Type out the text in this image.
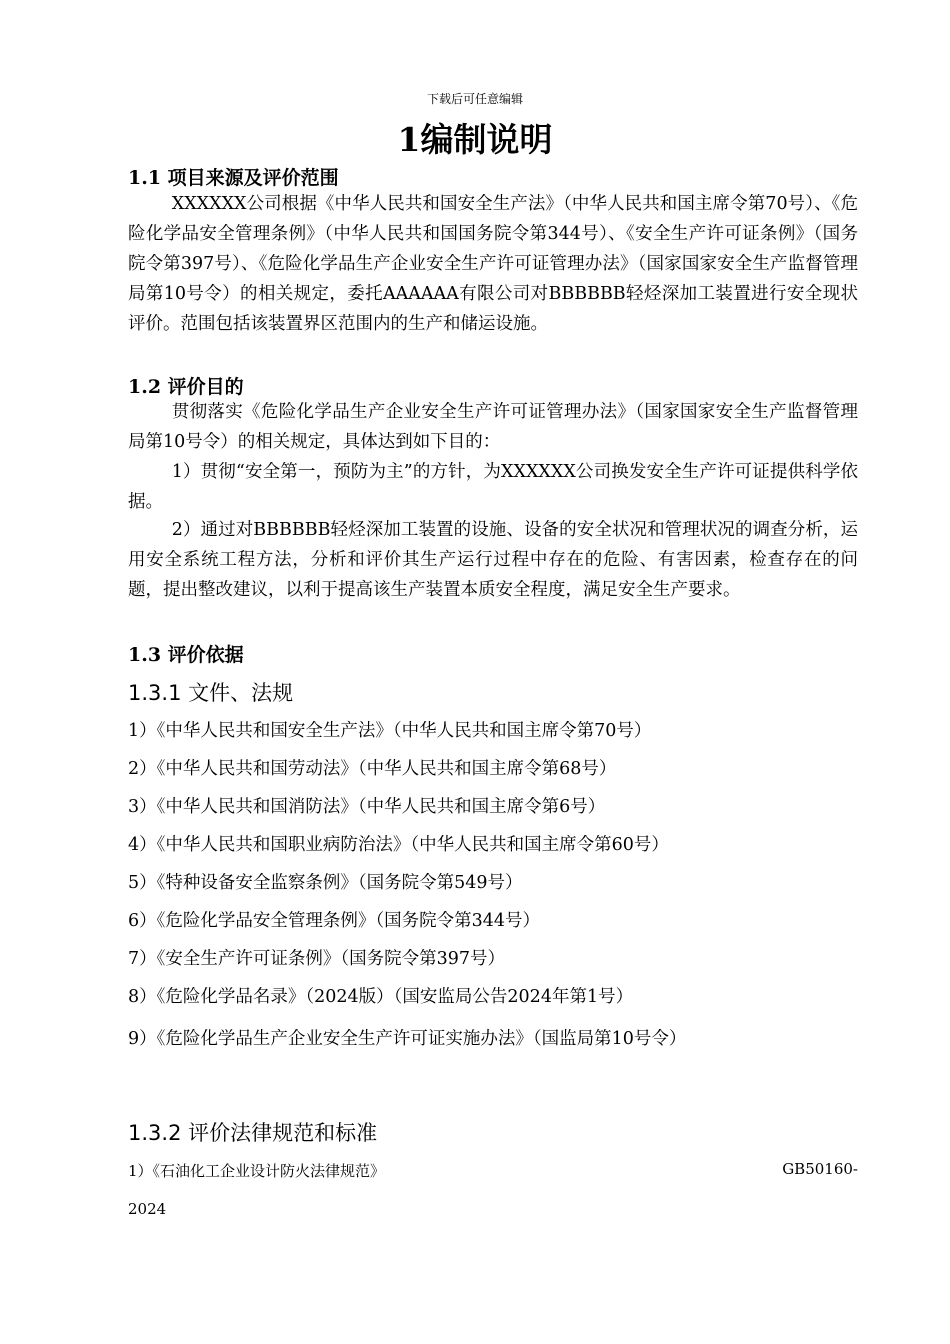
下载后可任意编辑
1编制说明
1.1 项目来源及评价范围

XXXXXX公司根据《中华人民共和国安全生产法》（中华人民共和国主席令第70号）、《危险化学品安全管理条例》（中华人民共和国国务院令第344号）、《安全生产许可证条例》（国务院令第397号）、《危险化学品生产企业安全生产许可证管理办法》（国家国家安全生产监督管理局第10号令）的相关规定，委托AAAAAA有限公司对BBBBBB轻烃深加工装置进行安全现状评价。范围包括该装置界区范围内的生产和储运设施。

1.2 评价目的

贯彻落实《危险化学品生产企业安全生产许可证管理办法》（国家国家安全生产监督管理局第10号令）的相关规定，具体达到如下目的：

1）贯彻“安全第一，预防为主”的方针，为XXXXXX公司换发安全生产许可证提供科学依据。

2）通过对BBBBBB轻烃深加工装置的设施、设备的安全状况和管理状况的调查分析，运用安全系统工程方法，分析和评价其生产运行过程中存在的危险、有害因素，检查存在的问题，提出整改建议，以利于提高该生产装置本质安全程度，满足安全生产要求。

1.3 评价依据
1.3.1 文件、法规

1）《中华人民共和国安全生产法》（中华人民共和国主席令第70号）

2）《中华人民共和国劳动法》（中华人民共和国主席令第68号）

3）《中华人民共和国消防法》（中华人民共和国主席令第6号）

4）《中华人民共和国职业病防治法》（中华人民共和国主席令第60号）

5）《特种设备安全监察条例》（国务院令第549号）

6）《危险化学品安全管理条例》（国务院令第344号）

7）《安全生产许可证条例》（国务院令第397号）

8）《危险化学品名录》（2024版）（国安监局公告2024年第1号）

9）《危险化学品生产企业安全生产许可证实施办法》（国监局第10号令）

1.3.2 评价法律规范和标准
1）《石油化工企业设计防火法律规范》	GB50160-
2024
